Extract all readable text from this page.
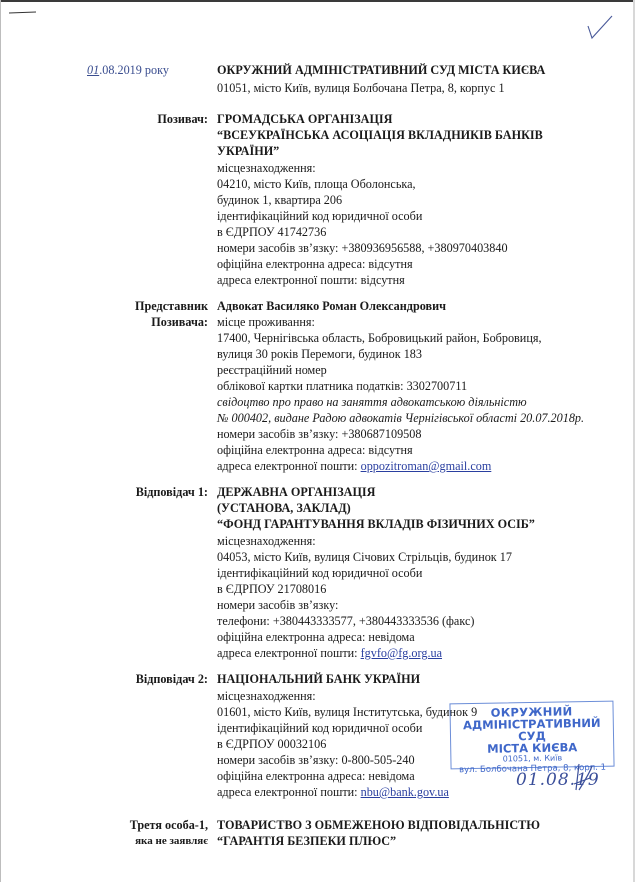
01.08.2019 року	ОКРУЖНИЙ АДМІНІСТРАТИВНИЙ СУД МІСТА КИЄВА
01051, місто Київ, вулиця Болбочана Петра, 8, корпус 1
Позивач: ГРОМАДСЬКА ОРГАНІЗАЦІЯ
“ВСЕУКРАЇНСЬКА АСОЦІАЦІЯ ВКЛАДНИКІВ БАНКІВ
УКРАЇНИ”
місцезнаходження:
04210, місто Київ, площа Оболонська,
будинок 1, квартира 206
ідентифікаційний код юридичної особи
в ЄДРПОУ 41742736
номери засобів зв’язку: +380936956588, +380970403840
офіційна електронна адреса: відсутня
адреса електронної пошти: відсутня
Представник
Позивача:
Адвокат Василяко Роман Олександрович
місце проживання:
17400, Чернігівська область, Бобровицький район, Бобровиця,
вулиця 30 років Перемоги, будинок 183
реєстраційний номер
облікової картки платника податків: 3302700711
свідоцтво про право на заняття адвокатською діяльністю
№ 000402, видане Радою адвокатів Чернігівської області 20.07.2018р.
номери засобів зв’язку: +380687109508
офіційна електронна адреса: відсутня
адреса електронної пошти: oppozitroman@gmail.com
Відповідач 1: ДЕРЖАВНА ОРГАНІЗАЦІЯ
(УСТАНОВА, ЗАКЛАД)
“ФОНД ГАРАНТУВАННЯ ВКЛАДІВ ФІЗИЧНИХ ОСІБ”
місцезнаходження:
04053, місто Київ, вулиця Січових Стрільців, будинок 17
ідентифікаційний код юридичної особи
в ЄДРПОУ 21708016
номери засобів зв’язку:
телефони: +380443333577, +380443333536 (факс)
офіційна електронна адреса: невідома
адреса електронної пошти: fgvfo@fg.org.ua
Відповідач 2: НАЦІОНАЛЬНИЙ БАНК УКРАЇНИ
місцезнаходження:
01601, місто Київ, вулиця Інститутська, будинок 9
ідентифікаційний код юридичної особи
в ЄДРПОУ 00032106
номери засобів зв’язку: 0-800-505-240
офіційна електронна адреса: невідома
адреса електронної пошти: nbu@bank.gov.ua
ОКРУЖНИЙ
АДМІНІСТРАТИВНИЙ СУД
МІСТА КИЄВА
01051, м. Київ
вул. Болбочана Петра, 8, корп. 1
01.08.19
Третя особа-1,
яка не заявляє
ТОВАРИСТВО З ОБМЕЖЕНОЮ ВІДПОВІДАЛЬНІСТЮ
“ГАРАНТІЯ БЕЗПЕКИ ПЛЮС”
